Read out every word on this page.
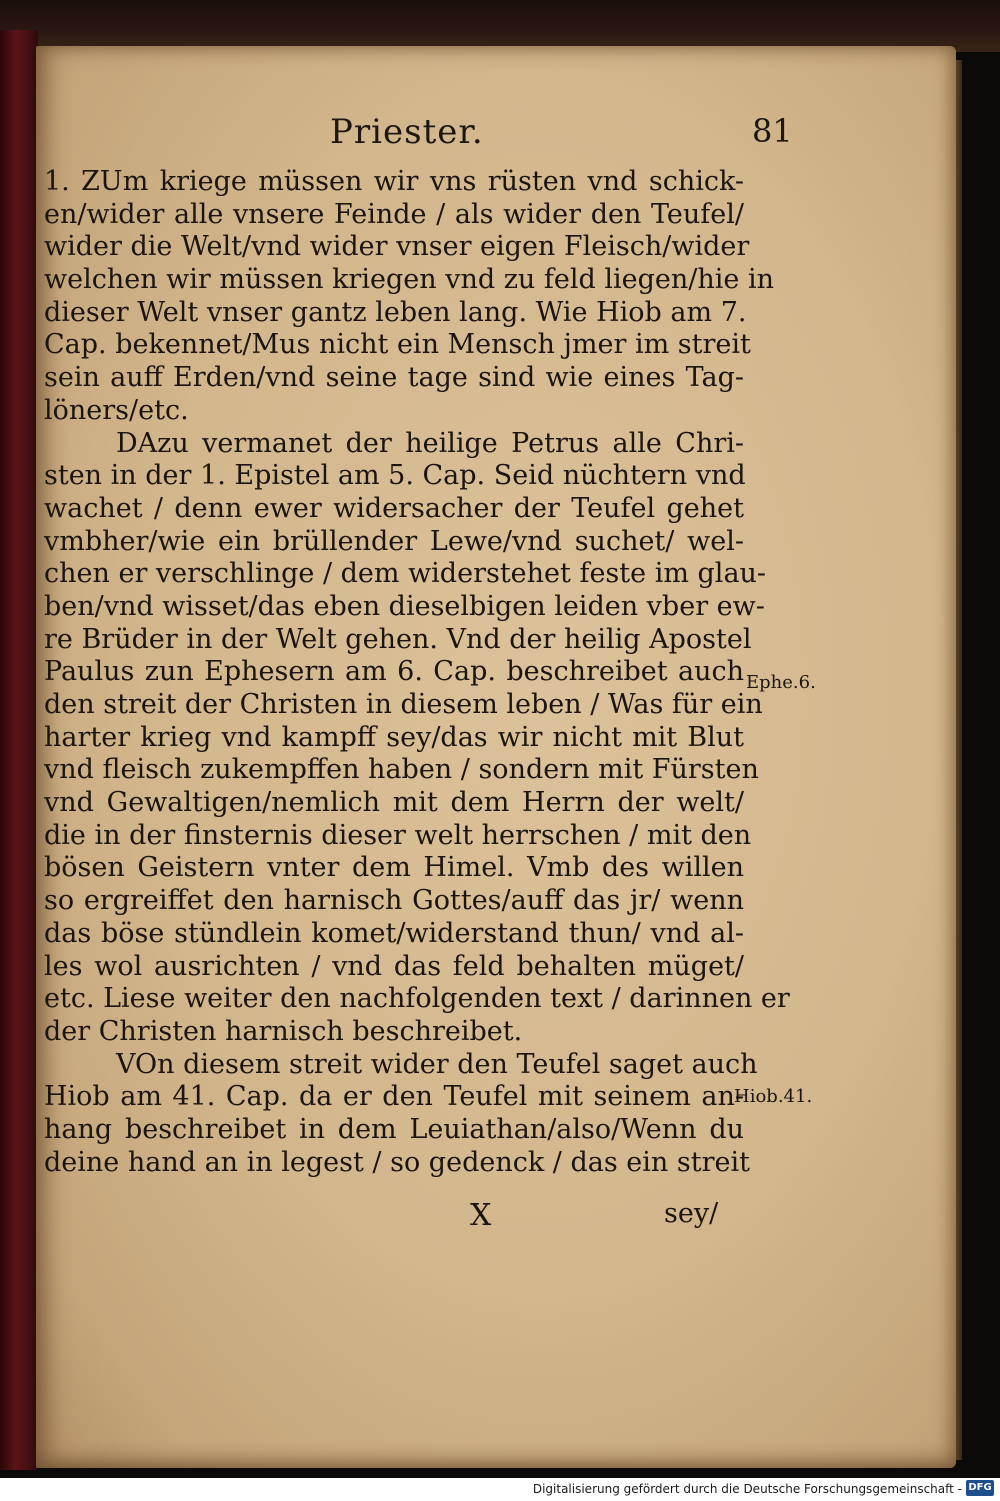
Priester.	81
1. ZUm kriege müssen wir vns rüsten vnd schick-
en/wider alle vnsere Feinde / als wider den Teufel/
wider die Welt/vnd wider vnser eigen Fleisch/wider
welchen wir müssen kriegen vnd zu feld liegen/hie in
dieser Welt vnser gantz leben lang. Wie Hiob am 7.
Cap. bekennet/Mus nicht ein Mensch jmer im streit
sein auff Erden/vnd seine tage sind wie eines Tag-
löners/etc.
DAzu vermanet der heilige Petrus alle Chri-
sten in der 1. Epistel am 5. Cap. Seid nüchtern vnd
wachet / denn ewer widersacher der Teufel gehet
vmbher/wie ein brüllender Lewe/vnd suchet/ wel-
chen er verschlinge / dem widerstehet feste im glau-
ben/vnd wisset/das eben dieselbigen leiden vber ew-
re Brüder in der Welt gehen. Vnd der heilig Apostel
Paulus zun Ephesern am 6. Cap. beschreibet auch
den streit der Christen in diesem leben / Was für ein
harter krieg vnd kampff sey/das wir nicht mit Blut
vnd fleisch zukempffen haben / sondern mit Fürsten
vnd Gewaltigen/nemlich mit dem Herrn der welt/
die in der finsternis dieser welt herrschen / mit den
bösen Geistern vnter dem Himel. Vmb des willen
so ergreiffet den harnisch Gottes/auff das jr/ wenn
das böse stündlein komet/widerstand thun/ vnd al-
les wol ausrichten / vnd das feld behalten müget/
etc. Liese weiter den nachfolgenden text / darinnen er
der Christen harnisch beschreibet.
VOn diesem streit wider den Teufel saget auch
Hiob am 41. Cap. da er den Teufel mit seinem an-
hang beschreibet in dem Leuiathan/also/Wenn du
deine hand an in legest / so gedenck / das ein streit
Ephe.6.
Hiob.41.
X	sey/
Digitalisierung gefördert durch die Deutsche Forschungsgemeinschaft - DFG
